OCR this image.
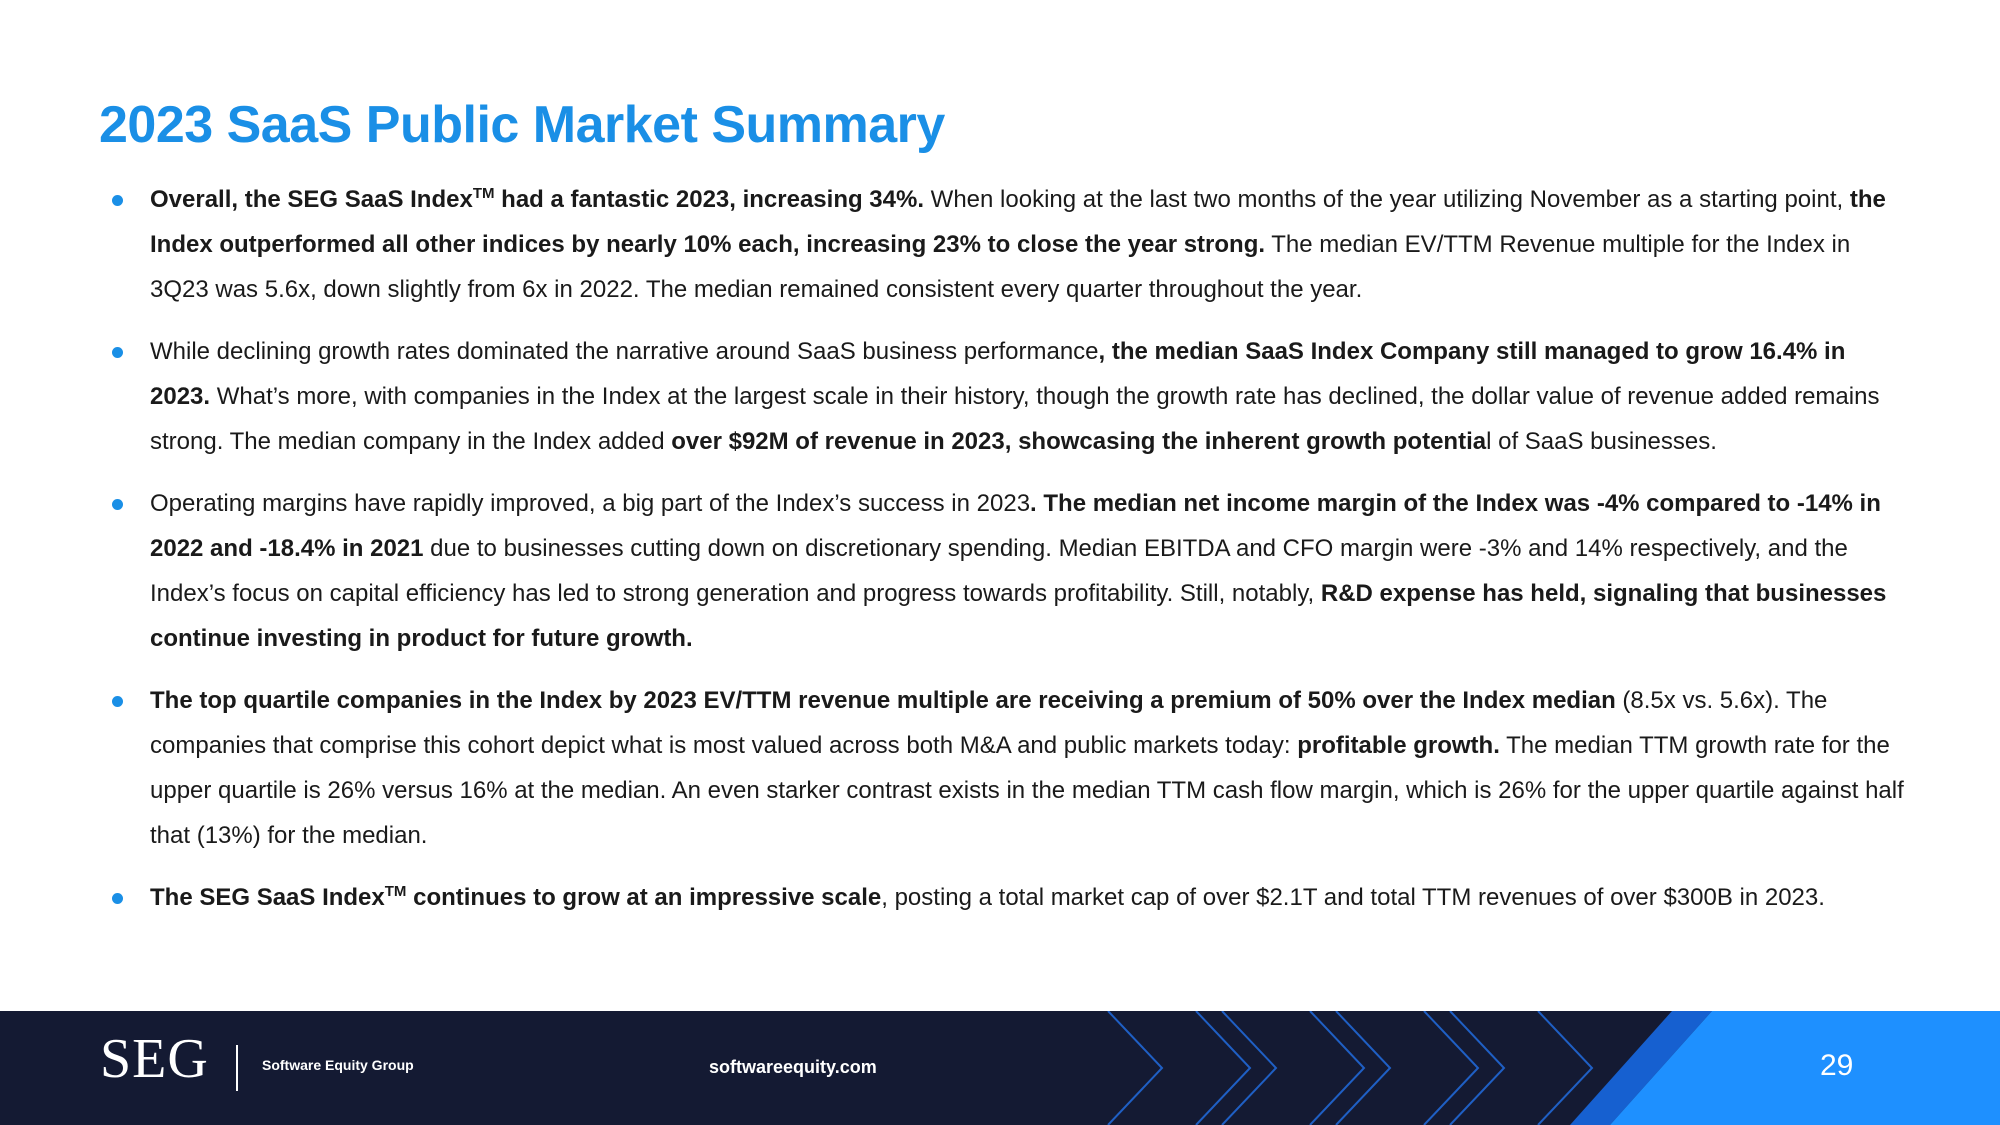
2023 SaaS Public Market Summary
Overall, the SEG SaaS Index™ had a fantastic 2023, increasing 34%. When looking at the last two months of the year utilizing November as a starting point, the Index outperformed all other indices by nearly 10% each, increasing 23% to close the year strong. The median EV/TTM Revenue multiple for the Index in 3Q23 was 5.6x, down slightly from 6x in 2022. The median remained consistent every quarter throughout the year.
While declining growth rates dominated the narrative around SaaS business performance, the median SaaS Index Company still managed to grow 16.4% in 2023. What’s more, with companies in the Index at the largest scale in their history, though the growth rate has declined, the dollar value of revenue added remains strong. The median company in the Index added over $92M of revenue in 2023, showcasing the inherent growth potential of SaaS businesses.
Operating margins have rapidly improved, a big part of the Index’s success in 2023. The median net income margin of the Index was -4% compared to -14% in 2022 and -18.4% in 2021 due to businesses cutting down on discretionary spending. Median EBITDA and CFO margin were -3% and 14% respectively, and the Index’s focus on capital efficiency has led to strong generation and progress towards profitability. Still, notably, R&D expense has held, signaling that businesses continue investing in product for future growth.
The top quartile companies in the Index by 2023 EV/TTM revenue multiple are receiving a premium of 50% over the Index median (8.5x vs. 5.6x). The companies that comprise this cohort depict what is most valued across both M&A and public markets today: profitable growth. The median TTM growth rate for the upper quartile is 26% versus 16% at the median. An even starker contrast exists in the median TTM cash flow margin, which is 26% for the upper quartile against half that (13%) for the median.
The SEG SaaS Index™ continues to grow at an impressive scale, posting a total market cap of over $2.1T and total TTM revenues of over $300B in 2023.
SEG	Software Equity Group	softwareequity.com	29
